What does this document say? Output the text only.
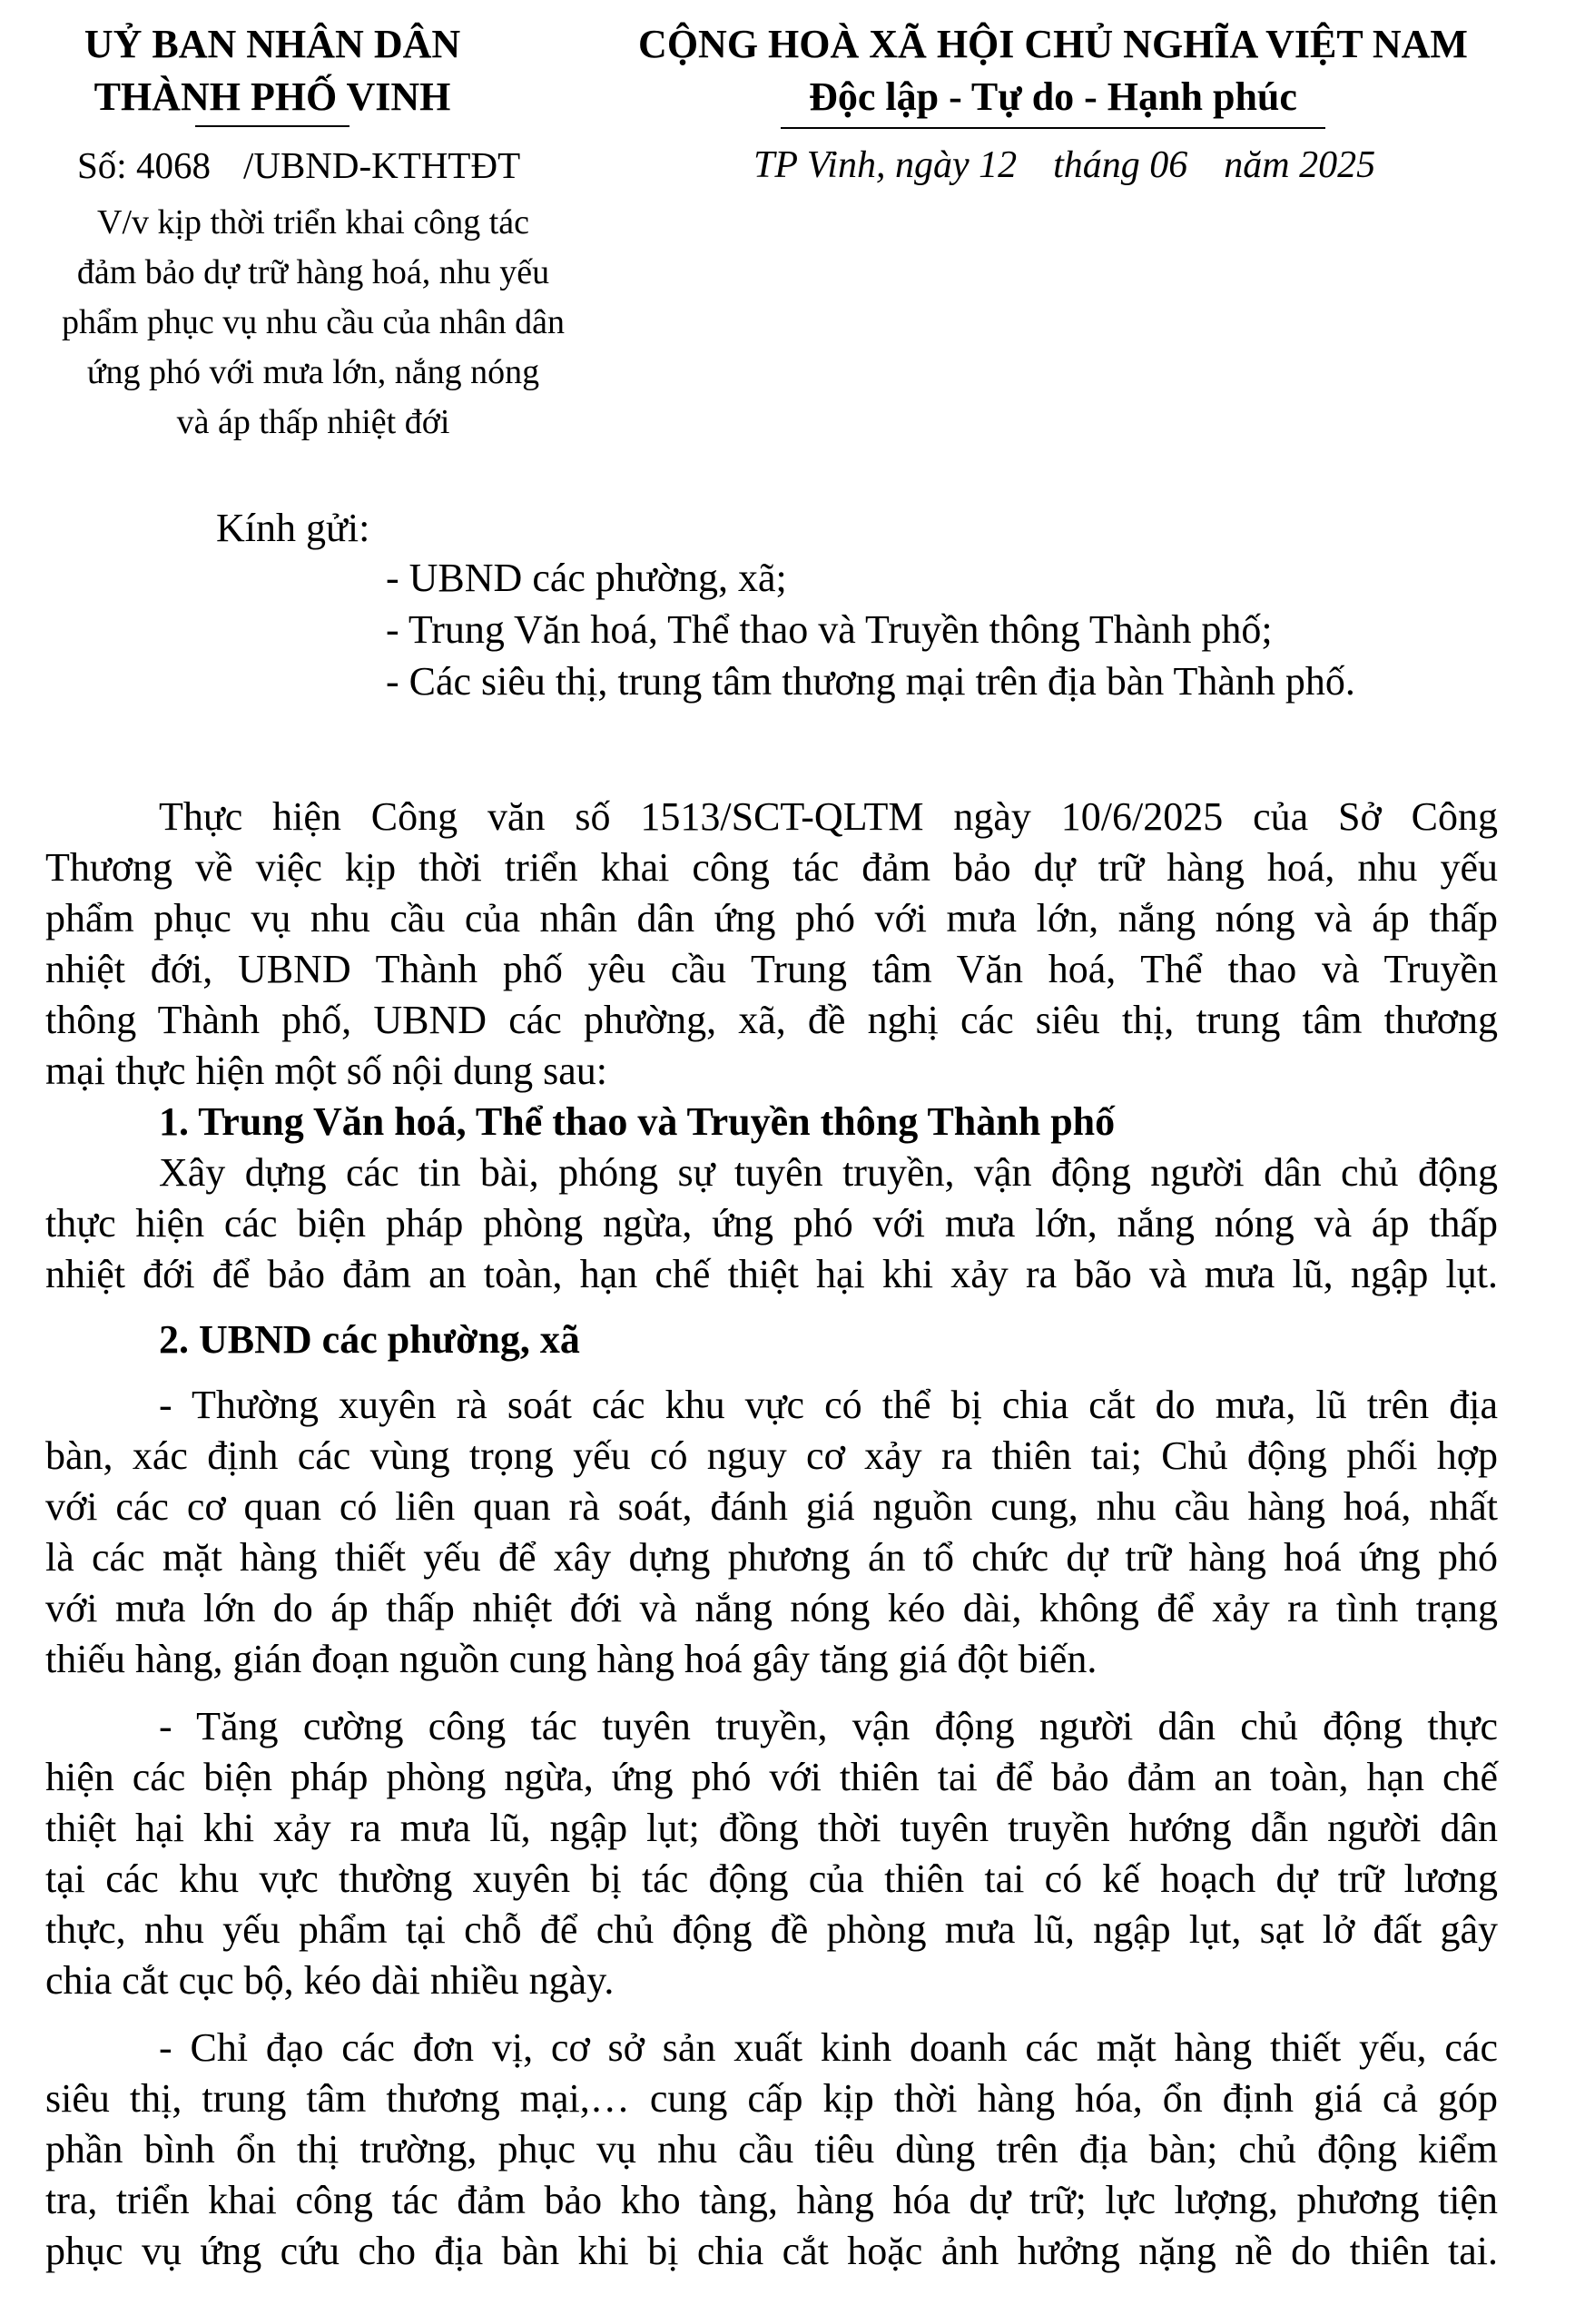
UỶ BAN NHÂN DÂN
THÀNH PHỐ VINH
CỘNG HOÀ XÃ HỘI CHỦ NGHĨA VIỆT NAM
Độc lập - Tự do - Hạnh phúc
Số: 4068 /UBND-KTHTĐT	TP Vinh, ngày 12 tháng 06 năm 2025
V/v kịp thời triển khai công tác
đảm bảo dự trữ hàng hoá, nhu yếu
phẩm phục vụ nhu cầu của nhân dân
ứng phó với mưa lớn, nắng nóng
và áp thấp nhiệt đới
Kính gửi:
- UBND các phường, xã;
- Trung Văn hoá, Thể thao và Truyền thông Thành phố;
- Các siêu thị, trung tâm thương mại trên địa bàn Thành phố.
Thực hiện Công văn số 1513/SCT-QLTM ngày 10/6/2025 của Sở Công
Thương về việc kịp thời triển khai công tác đảm bảo dự trữ hàng hoá, nhu yếu
phẩm phục vụ nhu cầu của nhân dân ứng phó với mưa lớn, nắng nóng và áp thấp
nhiệt đới, UBND Thành phố yêu cầu Trung tâm Văn hoá, Thể thao và Truyền
thông Thành phố, UBND các phường, xã, đề nghị các siêu thị, trung tâm thương
mại thực hiện một số nội dung sau:
1. Trung Văn hoá, Thể thao và Truyền thông Thành phố
Xây dựng các tin bài, phóng sự tuyên truyền, vận động người dân chủ động
thực hiện các biện pháp phòng ngừa, ứng phó với mưa lớn, nắng nóng và áp thấp
nhiệt đới để bảo đảm an toàn, hạn chế thiệt hại khi xảy ra bão và mưa lũ, ngập lụt.
2. UBND các phường, xã
- Thường xuyên rà soát các khu vực có thể bị chia cắt do mưa, lũ trên địa
bàn, xác định các vùng trọng yếu có nguy cơ xảy ra thiên tai; Chủ động phối hợp
với các cơ quan có liên quan rà soát, đánh giá nguồn cung, nhu cầu hàng hoá, nhất
là các mặt hàng thiết yếu để xây dựng phương án tổ chức dự trữ hàng hoá ứng phó
với mưa lớn do áp thấp nhiệt đới và nắng nóng kéo dài, không để xảy ra tình trạng
thiếu hàng, gián đoạn nguồn cung hàng hoá gây tăng giá đột biến.
- Tăng cường công tác tuyên truyền, vận động người dân chủ động thực
hiện các biện pháp phòng ngừa, ứng phó với thiên tai để bảo đảm an toàn, hạn chế
thiệt hại khi xảy ra mưa lũ, ngập lụt; đồng thời tuyên truyền hướng dẫn người dân
tại các khu vực thường xuyên bị tác động của thiên tai có kế hoạch dự trữ lương
thực, nhu yếu phẩm tại chỗ để chủ động đề phòng mưa lũ, ngập lụt, sạt lở đất gây
chia cắt cục bộ, kéo dài nhiều ngày.
- Chỉ đạo các đơn vị, cơ sở sản xuất kinh doanh các mặt hàng thiết yếu, các
siêu thị, trung tâm thương mại,… cung cấp kịp thời hàng hóa, ổn định giá cả góp
phần bình ổn thị trường, phục vụ nhu cầu tiêu dùng trên địa bàn; chủ động kiểm
tra, triển khai công tác đảm bảo kho tàng, hàng hóa dự trữ; lực lượng, phương tiện
phục vụ ứng cứu cho địa bàn khi bị chia cắt hoặc ảnh hưởng nặng nề do thiên tai.
